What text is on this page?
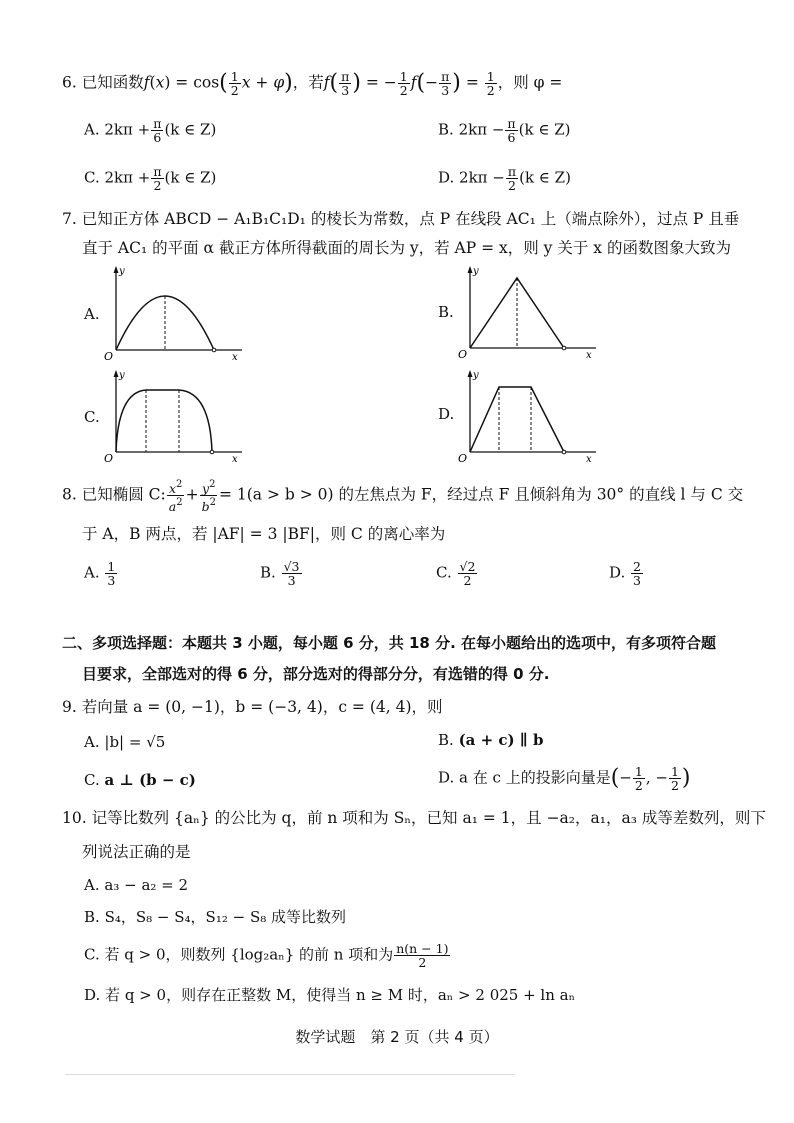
6. 已知函数$f(x) = \cos( \frac{1}{2}$ x + φ)，若$f( \frac{\pi}{3}$ ) = − $\frac{1}{2} f(- \frac{\pi}{3}$ ) = $\frac{1}{2}$ ，则 φ =
A. $2k\pi + \frac{\pi}{6} (k$ ∈ Z)	B. $2k\pi - \frac{\pi}{6} (k$ ∈ Z)
C. $2k\pi + \frac{\pi}{2} (k$ ∈ Z)	D. $2k\pi - \frac{\pi}{2} (k$ ∈ Z)
7. 已知正方体 ABCD − A₁B₁C₁D₁ 的棱长为常数，点 P 在线段 AC₁ 上（端点除外），过点 P 且垂
直于 AC₁ 的平面 α 截正方体所得截面的周长为 y，若 AP = x，则 y 关于 x 的函数图象大致为
A.	B.
C.	D.
O
y
x	O
y
x
O
y
x	O
y
x
8. 已知椭圆 C: $\frac{x^2}{a^2} + \frac{y^2}{b^2} = 1(a > b > 0)$ 的左焦点为 F，经过点 F 且倾斜角为 30° 的直线 l 与 C 交
于 A，B 两点，若 |AF| = 3 |BF|，则 C 的离心率为
A. $\frac{1}{3}$	B. $\frac{√3}{3}$	C. $\frac{√2}{2}$	D. $\frac{2}{3}$
二、多项选择题：本题共 3 小题，每小题 6 分，共 18 分. 在每小题给出的选项中，有多项符合题
目要求，全部选对的得 6 分，部分选对的得部分分，有选错的得 0 分.
9. 若向量 a = (0, −1)，b = (−3, 4)，c = (4, 4)，则
A. |b| = √5	B. (a + c) ∥ b
C. a ⊥ (b − c)	D. a 在 c 上的投影向量是(− $\frac{1}{2}$ , − $\frac{1}{2}$ )
10. 记等比数列 {aₙ} 的公比为 q，前 n 项和为 Sₙ，已知 a₁ = 1，且 −a₂，a₁，a₃ 成等差数列，则下
列说法正确的是
A. a₃ − a₂ = 2
B. S₄，S₈ − S₄，S₁₂ − S₈ 成等比数列
C. 若 q > 0，则数列 {log₂aₙ} 的前 n 项和为 $\frac{n(n - 1)}{2}$
D. 若 q > 0，则存在正整数 M，使得当 n ≥ M 时，aₙ > 2 025 + ln aₙ
数学试题　第 2 页（共 4 页）
